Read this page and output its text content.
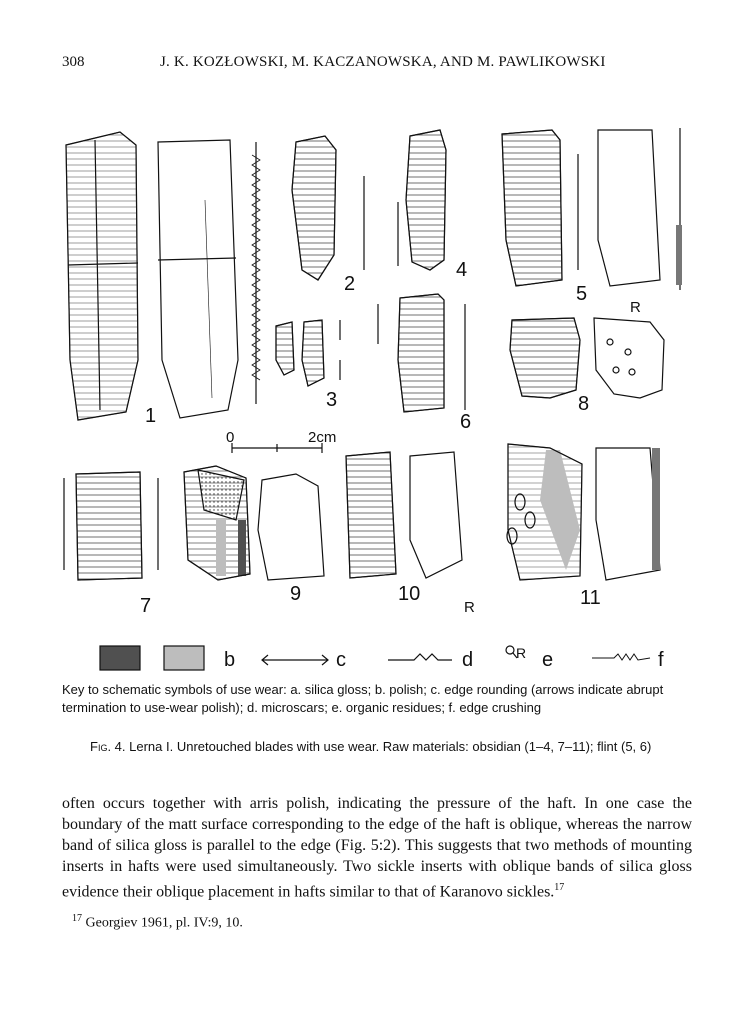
308	J. K. KOZŁOWSKI, M. KACZANOWSKA, AND M. PAWLIKOWSKI
1
2
3
4
5
6
7
8
9	10	11
R
R
0	2cm
b	c	d	R e	f
Key to schematic symbols of use wear: a. silica gloss; b. polish; c. edge rounding (arrows indicate abrupt termination to use-wear polish); d. microscars; e. organic residues; f. edge crushing
Fig. 4. Lerna I. Unretouched blades with use wear. Raw materials: obsidian (1–4, 7–11); flint (5, 6)
often occurs together with arris polish, indicating the pressure of the haft. In one case the boundary of the matt surface corresponding to the edge of the haft is oblique, whereas the narrow band of silica gloss is parallel to the edge (Fig. 5:2). This suggests that two methods of mounting inserts in hafts were used simultaneously. Two sickle inserts with oblique bands of silica gloss evidence their oblique placement in hafts similar to that of Karanovo sickles.$^{17}$
$^{17}$ Georgiev 1961, pl. IV:9, 10.
